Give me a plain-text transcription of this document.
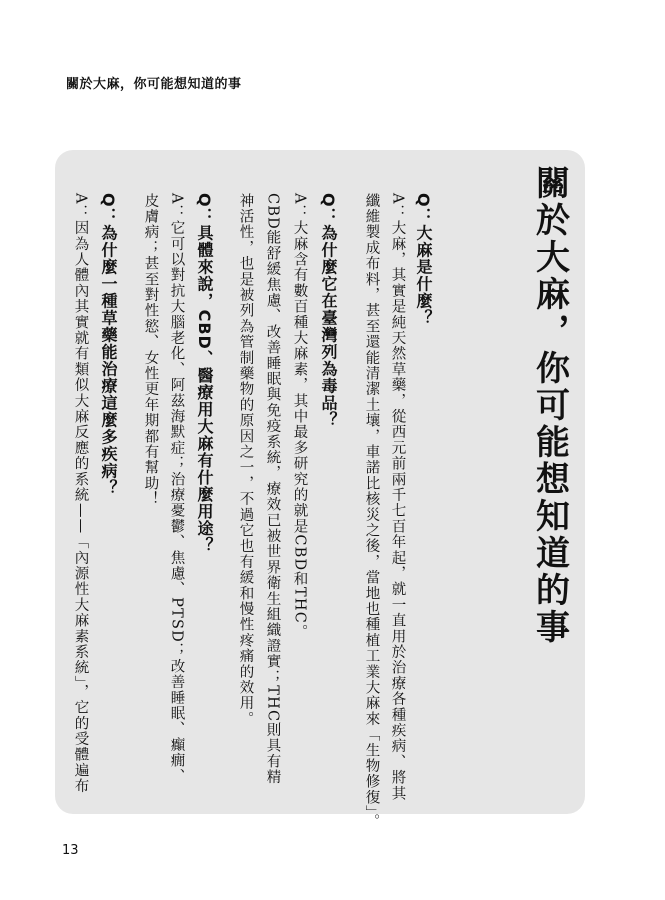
關於大麻，你可能想知道的事
關於大麻，你可能想知道的事
Q：大麻是什麼？
A：大麻，其實是純天然草藥，從西元前兩千七百年起，就一直用於治療各種疾病、將其
纖維製成布料，甚至還能清潔土壤，車諾比核災之後，當地也種植工業大麻來「生物修復」。
Q：為什麼它在臺灣列為毒品？
A：大麻含有數百種大麻素，其中最多研究的就是CBD和THC。
CBD能舒緩焦慮、改善睡眠與免疫系統，療效已被世界衛生組織證實；THC則具有精
神活性，也是被列為管制藥物的原因之一，不過它也有緩和慢性疼痛的效用。
Q：具體來說，CBD、醫療用大麻有什麼用途？
A：它可以對抗大腦老化、阿茲海默症；治療憂鬱、焦慮、PTSD；改善睡眠、癲癇、
皮膚病；甚至對性慾、女性更年期都有幫助！
Q：為什麼一種草藥能治療這麼多疾病？
A：因為人體內其實就有類似大麻反應的系統——「內源性大麻素系統」，它的受體遍布
13
